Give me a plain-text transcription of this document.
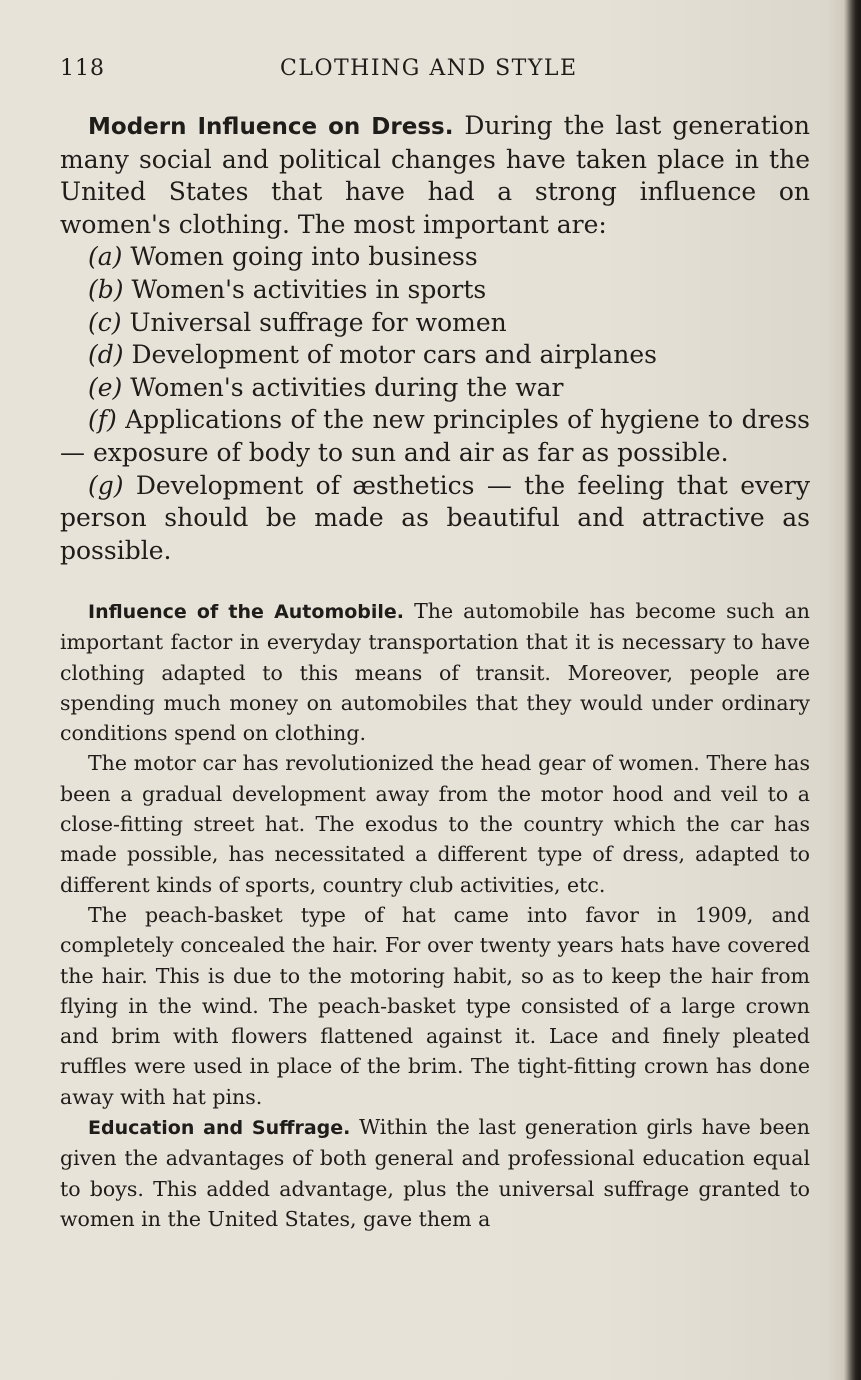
118	CLOTHING AND STYLE

Modern Influence on Dress. During the last generation many social and political changes have taken place in the United States that have had a strong influence on women's clothing. The most important are:

(a) Women going into business

(b) Women's activities in sports

(c) Universal suffrage for women

(d) Development of motor cars and airplanes

(e) Women's activities during the war

(f) Applications of the new principles of hygiene to dress — exposure of body to sun and air as far as possible.

(g) Development of æsthetics — the feeling that every person should be made as beautiful and attractive as possible.

Influence of the Automobile. The automobile has become such an important factor in everyday transportation that it is necessary to have clothing adapted to this means of transit. Moreover, people are spending much money on automobiles that they would under ordinary conditions spend on clothing.

The motor car has revolutionized the head gear of women. There has been a gradual development away from the motor hood and veil to a close-fitting street hat. The exodus to the country which the car has made possible, has necessitated a different type of dress, adapted to different kinds of sports, country club activities, etc.

The peach-basket type of hat came into favor in 1909, and completely concealed the hair. For over twenty years hats have covered the hair. This is due to the motoring habit, so as to keep the hair from flying in the wind. The peach-basket type consisted of a large crown and brim with flowers flattened against it. Lace and finely pleated ruffles were used in place of the brim. The tight-fitting crown has done away with hat pins.

Education and Suffrage. Within the last generation girls have been given the advantages of both general and professional education equal to boys. This added advantage, plus the universal suffrage granted to women in the United States, gave them a
